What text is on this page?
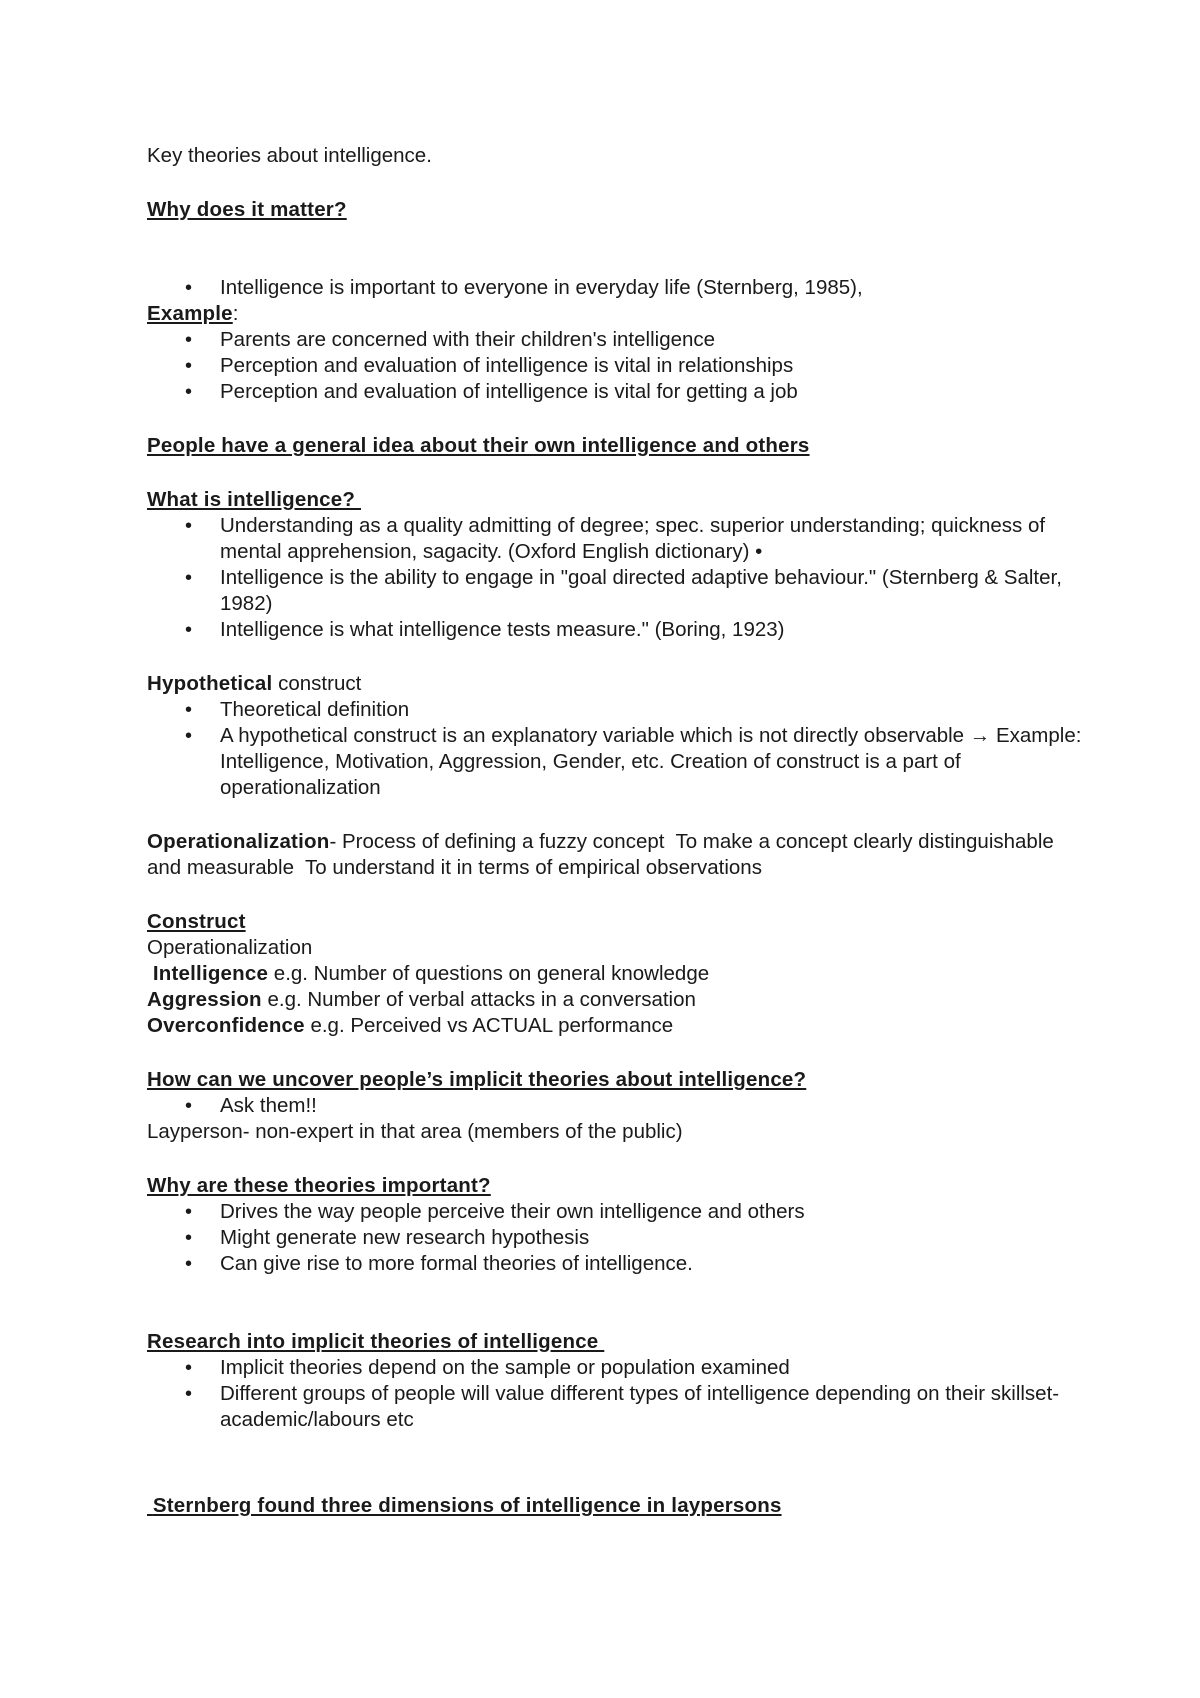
Key theories about intelligence.
Why does it matter?
• Intelligence is important to everyone in everyday life (Sternberg, 1985),
Example:
• Parents are concerned with their children's intelligence
• Perception and evaluation of intelligence is vital in relationships
• Perception and evaluation of intelligence is vital for getting a job
People have a general idea about their own intelligence and others
What is intelligence?
• Understanding as a quality admitting of degree; spec. superior understanding; quickness of mental apprehension, sagacity. (Oxford English dictionary) •
• Intelligence is the ability to engage in "goal directed adaptive behaviour." (Sternberg & Salter, 1982)
• Intelligence is what intelligence tests measure." (Boring, 1923)
Hypothetical construct
• Theoretical definition
• A hypothetical construct is an explanatory variable which is not directly observable → Example: Intelligence, Motivation, Aggression, Gender, etc. Creation of construct is a part of operationalization
Operationalization- Process of defining a fuzzy concept  To make a concept clearly distinguishable and measurable  To understand it in terms of empirical observations
Construct
Operationalization
Intelligence e.g. Number of questions on general knowledge
Aggression e.g. Number of verbal attacks in a conversation
Overconfidence e.g. Perceived vs ACTUAL performance
How can we uncover people’s implicit theories about intelligence?
• Ask them!!
Layperson- non-expert in that area (members of the public)
Why are these theories important?
• Drives the way people perceive their own intelligence and others
• Might generate new research hypothesis
• Can give rise to more formal theories of intelligence.
Research into implicit theories of intelligence
• Implicit theories depend on the sample or population examined
• Different groups of people will value different types of intelligence depending on their skillset- academic/labours etc
Sternberg found three dimensions of intelligence in laypersons
